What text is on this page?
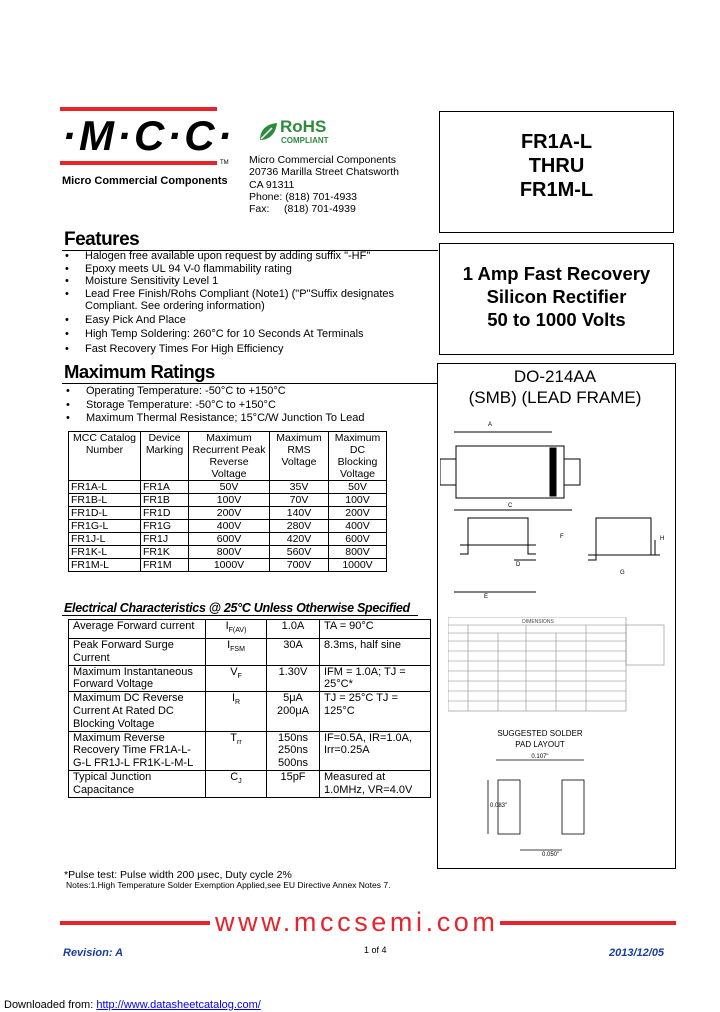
·M·C·C·
TM
Micro Commercial Components
RoHS
COMPLIANT
Micro Commercial Components
20736 Marilla Street Chatsworth
CA 91311
Phone: (818) 701-4933
Fax:     (818) 701-4939
FR1A-L
THRU
FR1M-L
1 Amp Fast Recovery
Silicon Rectifier
50 to 1000 Volts
Features
• Halogen free available upon request by adding suffix "-HF"
• Epoxy meets UL 94 V-0 flammability rating
• Moisture Sensitivity Level 1
• Lead Free Finish/Rohs Compliant (Note1) ("P"Suffix designates Compliant. See ordering information)
• Easy Pick And Place
• High Temp Soldering: 260°C for 10 Seconds At Terminals
• Fast Recovery Times For High Efficiency
Maximum Ratings
• Operating Temperature: -50°C to +150°C
• Storage Temperature: -50°C to +150°C
• Maximum Thermal Resistance; 15°C/W Junction To Lead
MCC Catalog Number	Device Marking	Maximum Recurrent Peak Reverse Voltage	Maximum RMS Voltage	Maximum DC Blocking Voltage
FR1A-L	FR1A	50V	35V	50V
FR1B-L	FR1B	100V	70V	100V
FR1D-L	FR1D	200V	140V	200V
FR1G-L	FR1G	400V	280V	400V
FR1J-L	FR1J	600V	420V	600V
FR1K-L	FR1K	800V	560V	800V
FR1M-L	FR1M	1000V	700V	1000V
Electrical Characteristics @ 25°C Unless Otherwise Specified
Average Forward current	$I_{F(AV)}$	1.0A	TA = 90°C
Peak Forward Surge Current	$I_{FSM}$	30A	8.3ms, half sine
Maximum Instantaneous Forward Voltage	$V_F$	1.30V	IFM = 1.0A; TJ = 25°C*
Maximum DC Reverse Current At Rated DC Blocking Voltage	$I_R$	5μA 200μA	TJ = 25°C TJ = 125°C
Maximum Reverse Recovery Time FR1A-L-G-L FR1J-L FR1K-L-M-L	$T_{rr}$	150ns 250ns 500ns	IF=0.5A, IR=1.0A, Irr=0.25A
Typical Junction Capacitance	$C_J$	15pF	Measured at 1.0MHz, VR=4.0V
*Pulse test: Pulse width 200 μsec, Duty cycle 2%
Notes:1.High Temperature Solder Exemption Applied,see EU Directive Annex Notes 7.
DO-214AA
(SMB) (LEAD FRAME)
A
C
F
D
E
H
G
DIMENSIONS
SUGGESTED SOLDER
PAD LAYOUT
0.107"
0.083"
0.050"
www.mccsemi.com
Revision: A	1 of 4	2013/12/05
Downloaded from: http://www.datasheetcatalog.com/
